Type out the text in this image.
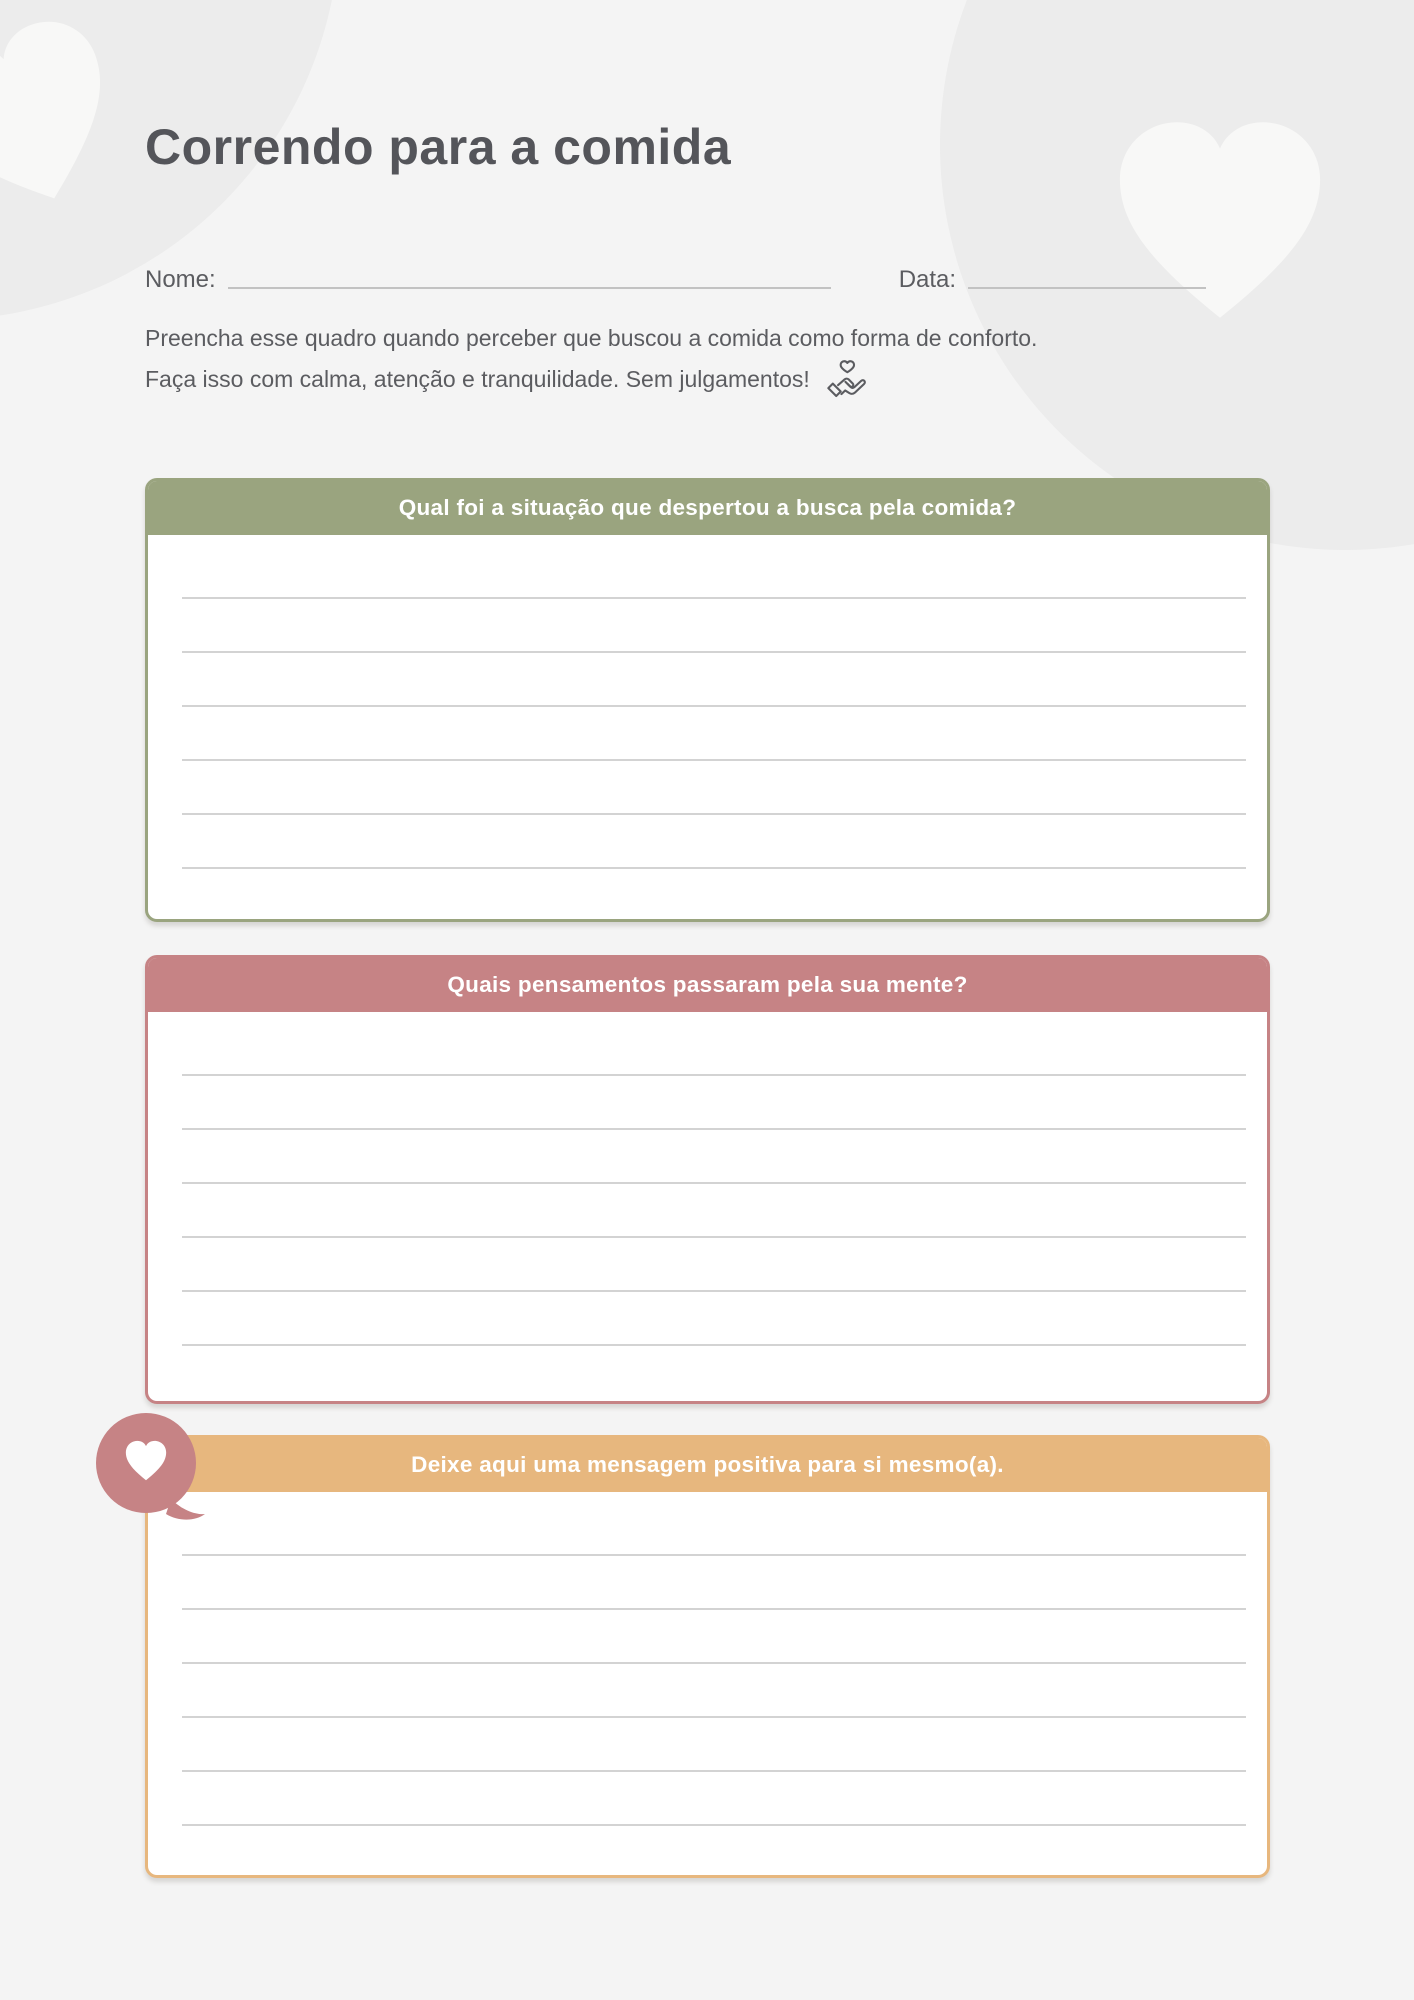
Correndo para a comida
Nome:	Data:
Preencha esse quadro quando perceber que buscou a comida como forma de conforto.
Faça isso com calma, atenção e tranquilidade. Sem julgamentos!
Qual foi a situação que despertou a busca pela comida?
Quais pensamentos passaram pela sua mente?
Deixe aqui uma mensagem positiva para si mesmo(a).
